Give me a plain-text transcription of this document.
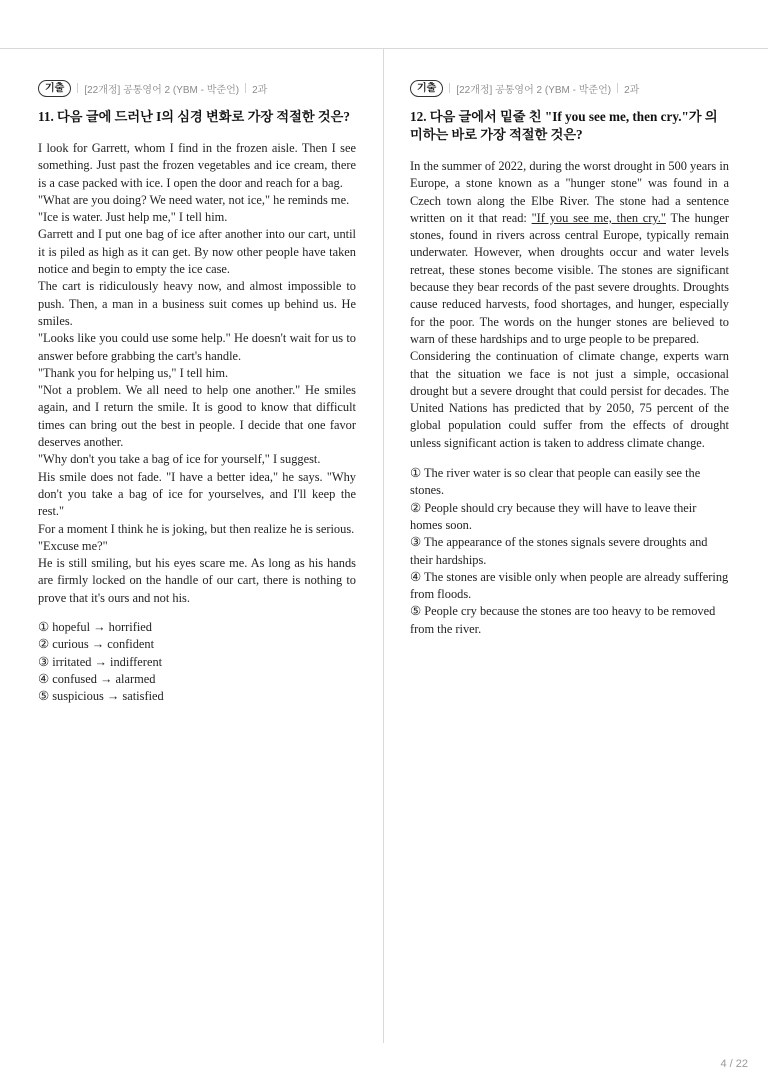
기출	[22개정] 공통영어 2 (YBM - 박준언) 2과
11. 다음 글에 드러난 I의 심경 변화로 가장 적절한 것은?

I look for Garrett, whom I find in the frozen aisle. Then I see something. Just past the frozen vegetables and ice cream, there is a case packed with ice. I open the door and reach for a bag.

"What are you doing? We need water, not ice," he reminds me.

"Ice is water. Just help me," I tell him.

Garrett and I put one bag of ice after another into our cart, until it is piled as high as it can get. By now other people have taken notice and begin to empty the ice case.

The cart is ridiculously heavy now, and almost impossible to push. Then, a man in a business suit comes up behind us. He smiles.

"Looks like you could use some help." He doesn't wait for us to answer before grabbing the cart's handle.

"Thank you for helping us," I tell him.

"Not a problem. We all need to help one another." He smiles again, and I return the smile. It is good to know that difficult times can bring out the best in people. I decide that one favor deserves another.

"Why don't you take a bag of ice for yourself," I suggest.

His smile does not fade. "I have a better idea," he says. "Why don't you take a bag of ice for yourselves, and I'll keep the rest."

For a moment I think he is joking, but then realize he is serious.

"Excuse me?"

He is still smiling, but his eyes scare me. As long as his hands are firmly locked on the handle of our cart, there is nothing to prove that it's ours and not his.

① hopeful → horrified
② curious → confident
③ irritated → indifferent
④ confused → alarmed
⑤ suspicious → satisfied
기출	[22개정] 공통영어 2 (YBM - 박준언) 2과
12. 다음 글에서 밑줄 친 "If you see me, then cry."가 의미하는 바로 가장 적절한 것은?

In the summer of 2022, during the worst drought in 500 years in Europe, a stone known as a "hunger stone" was found in a Czech town along the Elbe River. The stone had a sentence written on it that read: "If you see me, then cry." The hunger stones, found in rivers across central Europe, typically remain underwater. However, when droughts occur and water levels retreat, these stones become visible. The stones are significant because they bear records of the past severe droughts. Droughts cause reduced harvests, food shortages, and hunger, especially for the poor. The words on the hunger stones are believed to warn of these hardships and to urge people to be prepared.

Considering the continuation of climate change, experts warn that the situation we face is not just a simple, occasional drought but a severe drought that could persist for decades. The United Nations has predicted that by 2050, 75 percent of the global population could suffer from the effects of drought unless significant action is taken to address climate change.

① The river water is so clear that people can easily see the stones.
② People should cry because they will have to leave their homes soon.
③ The appearance of the stones signals severe droughts and their hardships.
④ The stones are visible only when people are already suffering from floods.
⑤ People cry because the stones are too heavy to be removed from the river.
4 / 22
